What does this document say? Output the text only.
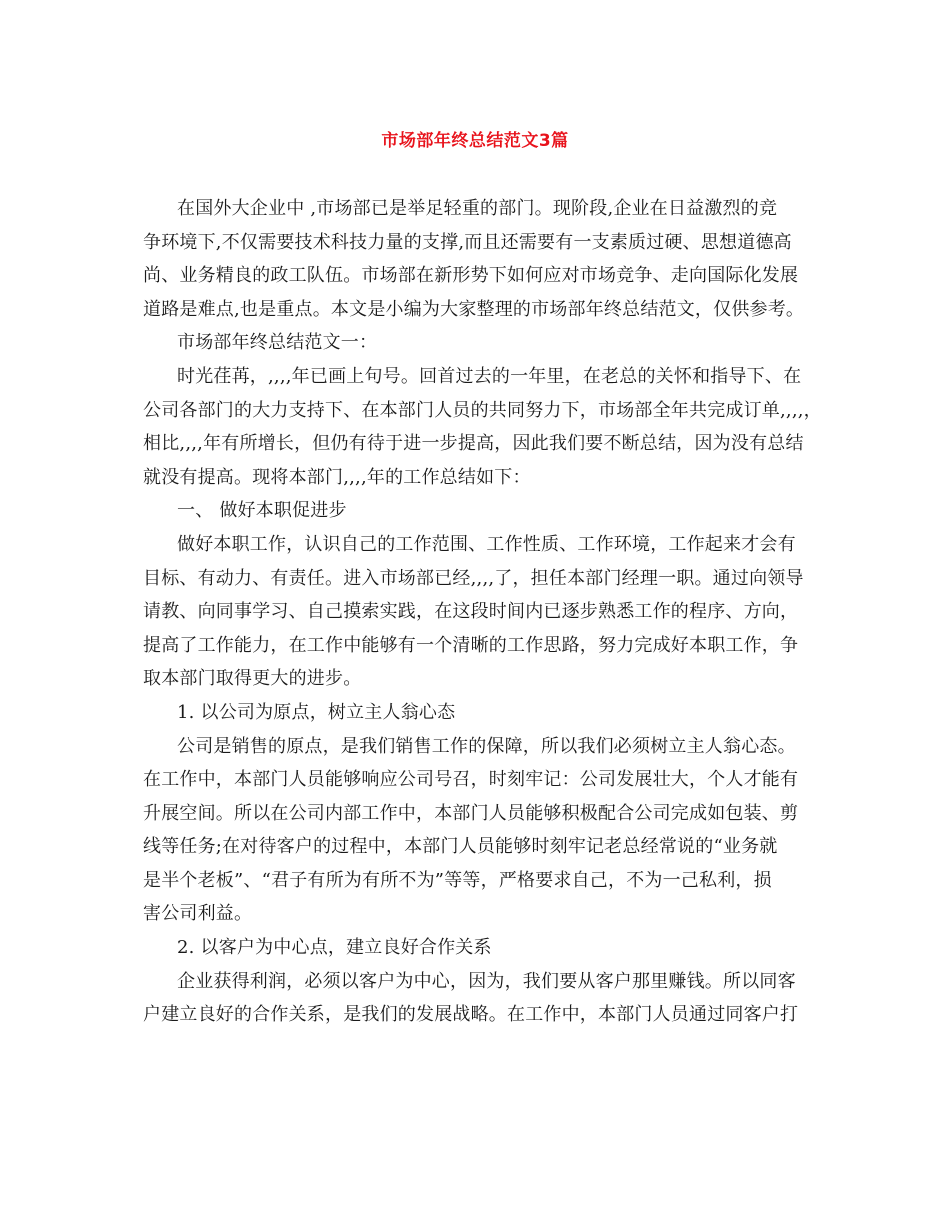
市场部年终总结范文3篇
在国外大企业中 ,市场部已是举足轻重的部门。现阶段,企业在日益激烈的竞
争环境下,不仅需要技术科技力量的支撑,而且还需要有一支素质过硬、思想道德高
尚、业务精良的政工队伍。市场部在新形势下如何应对市场竞争、走向国际化发展
道路是难点,也是重点。本文是小编为大家整理的市场部年终总结范文，仅供参考。
市场部年终总结范文一：
时光荏苒，,,,,年已画上句号。回首过去的一年里，在老总的关怀和指导下、在
公司各部门的大力支持下、在本部门人员的共同努力下，市场部全年共完成订单,,,,，
相比,,,,年有所增长，但仍有待于进一步提高，因此我们要不断总结，因为没有总结
就没有提高。现将本部门,,,,年的工作总结如下：
一、 做好本职促进步
做好本职工作，认识自己的工作范围、工作性质、工作环境，工作起来才会有
目标、有动力、有责任。进入市场部已经,,,,了，担任本部门经理一职。通过向领导
请教、向同事学习、自己摸索实践，在这段时间内已逐步熟悉工作的程序、方向，
提高了工作能力，在工作中能够有一个清晰的工作思路，努力完成好本职工作，争
取本部门取得更大的进步。
1. 以公司为原点，树立主人翁心态
公司是销售的原点，是我们销售工作的保障，所以我们必须树立主人翁心态。
在工作中，本部门人员能够响应公司号召，时刻牢记：公司发展壮大，个人才能有
升展空间。所以在公司内部工作中，本部门人员能够积极配合公司完成如包装、剪
线等任务;在对待客户的过程中，本部门人员能够时刻牢记老总经常说的“业务就
是半个老板”、“君子有所为有所不为”等等，严格要求自己，不为一己私利，损
害公司利益。
2. 以客户为中心点，建立良好合作关系
企业获得利润，必须以客户为中心，因为，我们要从客户那里赚钱。所以同客
户建立良好的合作关系，是我们的发展战略。在工作中，本部门人员通过同客户打
